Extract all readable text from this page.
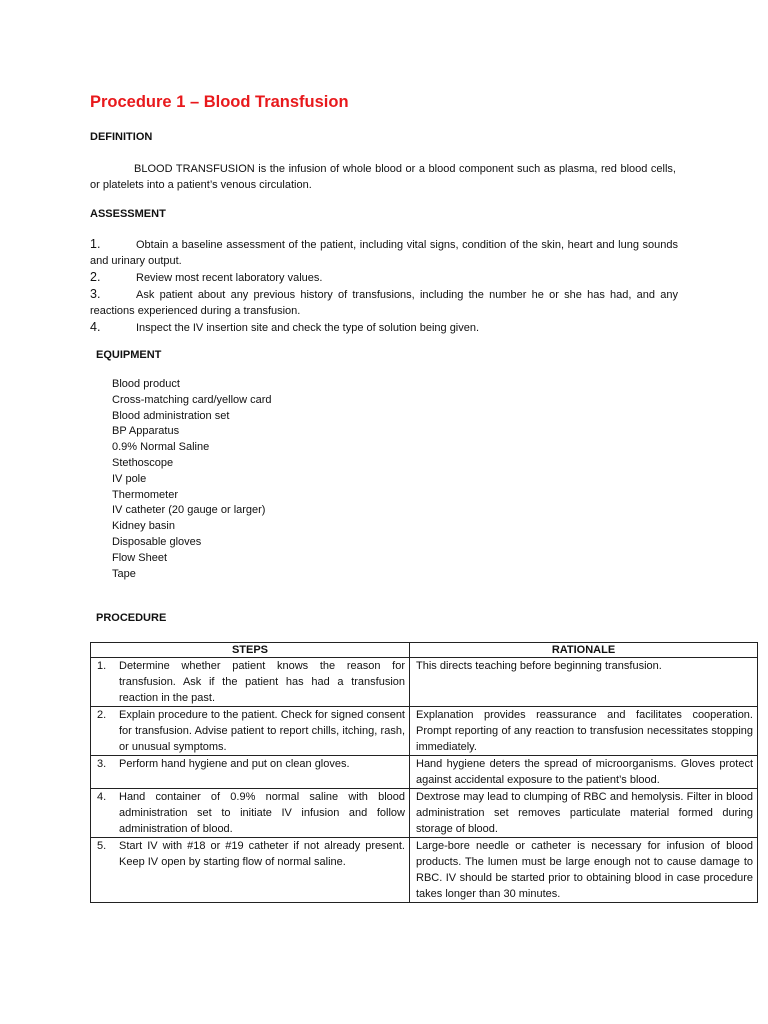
Procedure 1 – Blood Transfusion
DEFINITION
BLOOD TRANSFUSION is the infusion of whole blood or a blood component such as plasma, red blood cells, or platelets into a patient’s venous circulation.
ASSESSMENT
1.	Obtain a baseline assessment of the patient, including vital signs, condition of the skin, heart and lung sounds and urinary output.
2.	Review most recent laboratory values.
3.	Ask patient about any previous history of transfusions, including the number he or she has had, and any reactions experienced during a transfusion.
4.	Inspect the IV insertion site and check the type of solution being given.
EQUIPMENT
Blood product
Cross-matching card/yellow card
Blood administration set
BP Apparatus
0.9% Normal Saline
Stethoscope
IV pole
Thermometer
IV catheter (20 gauge or larger)
Kidney basin
Disposable gloves
Flow Sheet
Tape
PROCEDURE
STEPS	RATIONALE

1. Determine whether patient knows the reason for transfusion. Ask if the patient has had a transfusion reaction in the past.	This directs teaching before beginning transfusion.

2. Explain procedure to the patient. Check for signed consent for transfusion. Advise patient to report chills, itching, rash, or unusual symptoms.	Explanation provides reassurance and facilitates cooperation. Prompt reporting of any reaction to transfusion necessitates stopping immediately.

3. Perform hand hygiene and put on clean gloves.	Hand hygiene deters the spread of microorganisms. Gloves protect against accidental exposure to the patient’s blood.

4. Hand container of 0.9% normal saline with blood administration set to initiate IV infusion and follow administration of blood.	Dextrose may lead to clumping of RBC and hemolysis. Filter in blood administration set removes particulate material formed during storage of blood.

5. Start IV with #18 or #19 catheter if not already present. Keep IV open by starting flow of normal saline.	Large-bore needle or catheter is necessary for infusion of blood products. The lumen must be large enough not to cause damage to RBC. IV should be started prior to obtaining blood in case procedure takes longer than 30 minutes.
